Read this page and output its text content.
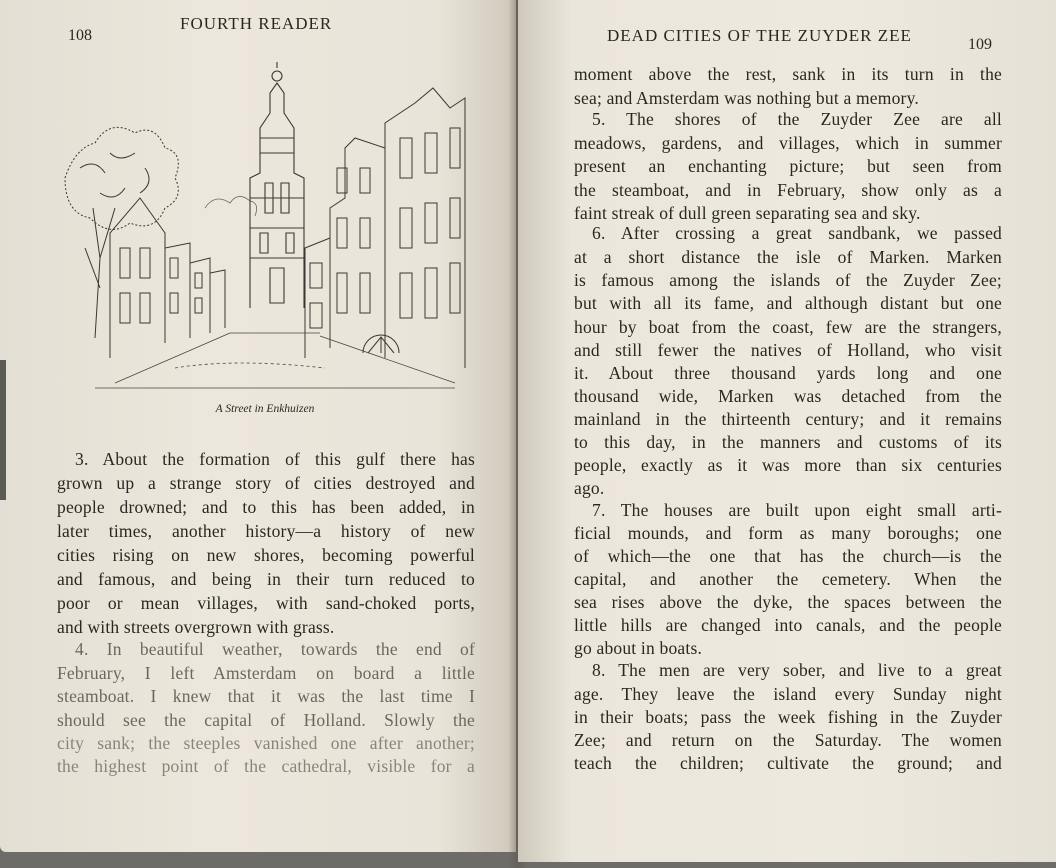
108
FOURTH READER
A Street in Enkhuizen
3. About the formation of this gulf there has
grown up a strange story of cities destroyed and
people drowned; and to this has been added, in
later times, another history—a history of new
cities rising on new shores, becoming powerful
and famous, and being in their turn reduced to
poor or mean villages, with sand-choked ports,
and with streets overgrown with grass.
4. In beautiful weather, towards the end of
February, I left Amsterdam on board a little
steamboat. I knew that it was the last time I
should see the capital of Holland. Slowly the
city sank; the steeples vanished one after another;
the highest point of the cathedral, visible for a
DEAD CITIES OF THE ZUYDER ZEE	109
moment above the rest, sank in its turn in the
sea; and Amsterdam was nothing but a memory.
5. The shores of the Zuyder Zee are all
meadows, gardens, and villages, which in summer
present an enchanting picture; but seen from
the steamboat, and in February, show only as a
faint streak of dull green separating sea and sky.
6. After crossing a great sandbank, we passed
at a short distance the isle of Marken. Marken
is famous among the islands of the Zuyder Zee;
but with all its fame, and although distant but one
hour by boat from the coast, few are the strangers,
and still fewer the natives of Holland, who visit
it. About three thousand yards long and one
thousand wide, Marken was detached from the
mainland in the thirteenth century; and it remains
to this day, in the manners and customs of its
people, exactly as it was more than six centuries
ago.
7. The houses are built upon eight small arti-
ficial mounds, and form as many boroughs; one
of which—the one that has the church—is the
capital, and another the cemetery. When the
sea rises above the dyke, the spaces between the
little hills are changed into canals, and the people
go about in boats.
8. The men are very sober, and live to a great
age. They leave the island every Sunday night
in their boats; pass the week fishing in the Zuyder
Zee; and return on the Saturday. The women
teach the children; cultivate the ground; and
